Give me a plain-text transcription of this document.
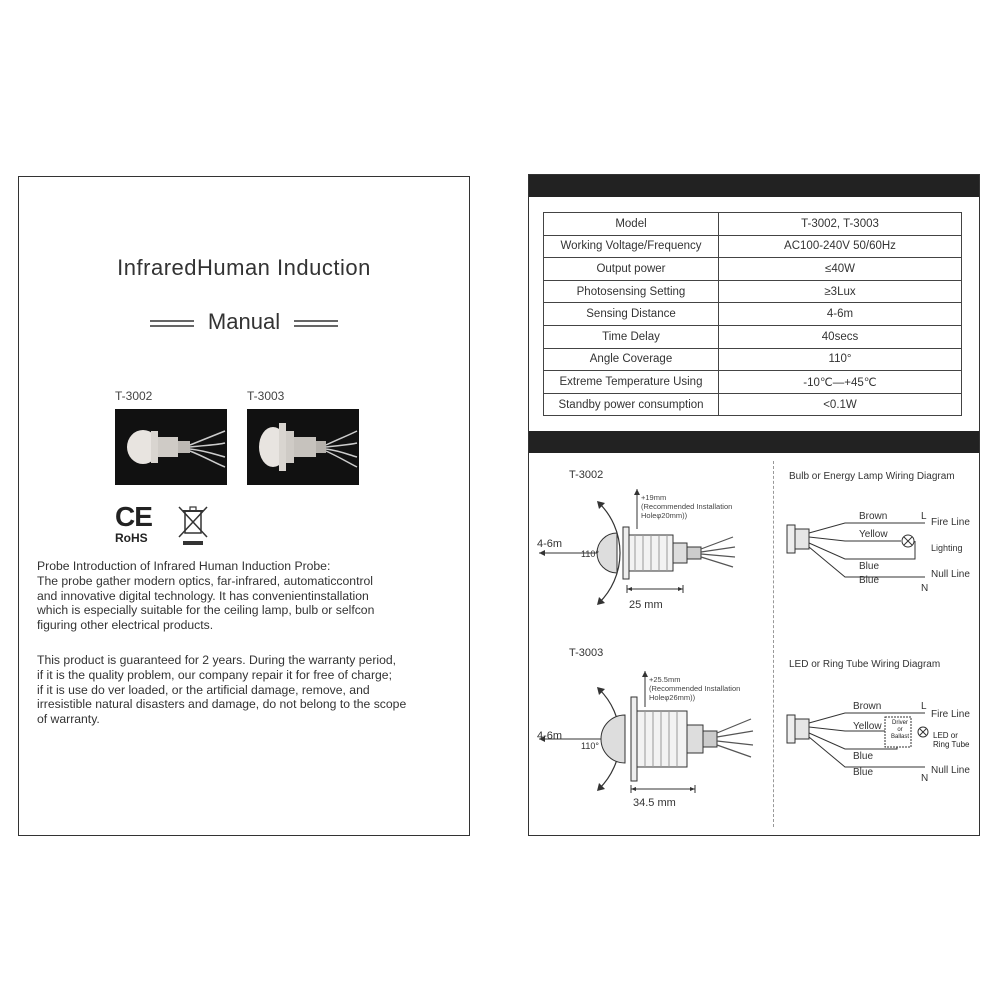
InfraredHuman Induction
Manual
T-3002	T-3003
CE
RoHS

Probe Introduction of Infrared Human Induction Probe:

The probe gather modern optics, far-infrared, automaticcontrol

and innovative digital technology. It has convenientinstallation

which is especially suitable for the ceiling lamp, bulb or selfcon

figuring other electrical products.

This product is guaranteed for 2 years. During the warranty period,

if it is the quality problem, our company repair it for free of charge;

if it is use do ver loaded, or the artificial damage, remove, and

irresistible natural disasters and damage, do not belong to the scope

of warranty.

Model	T-3002, T-3003
Working Voltage/Frequency	AC100-240V 50/60Hz
Output power	≤40W
Photosensing Setting	≥3Lux
Sensing Distance	4-6m
Time Delay	40secs
Angle Coverage	110°
Extreme Temperature Using	-10℃—+45℃
Standby power consumption	<0.1W
T-3002
4-6m
110°
25 mm
+19mm
(Recommended Installation
Holeφ20mm))
T-3003
4-6m
110°
34.5 mm
+25.5mm
(Recommended Installation
Holeφ26mm))
Bulb or Energy Lamp Wiring Diagram
Brown
Yellow
Blue
Blue
L
N
Fire Line
Lighting
Null Line
LED or Ring Tube Wiring Diagram
Brown
Yellow
Blue
Blue
L
N
Driver
or
Ballast
Fire Line
LED or
Ring Tube
Null Line
